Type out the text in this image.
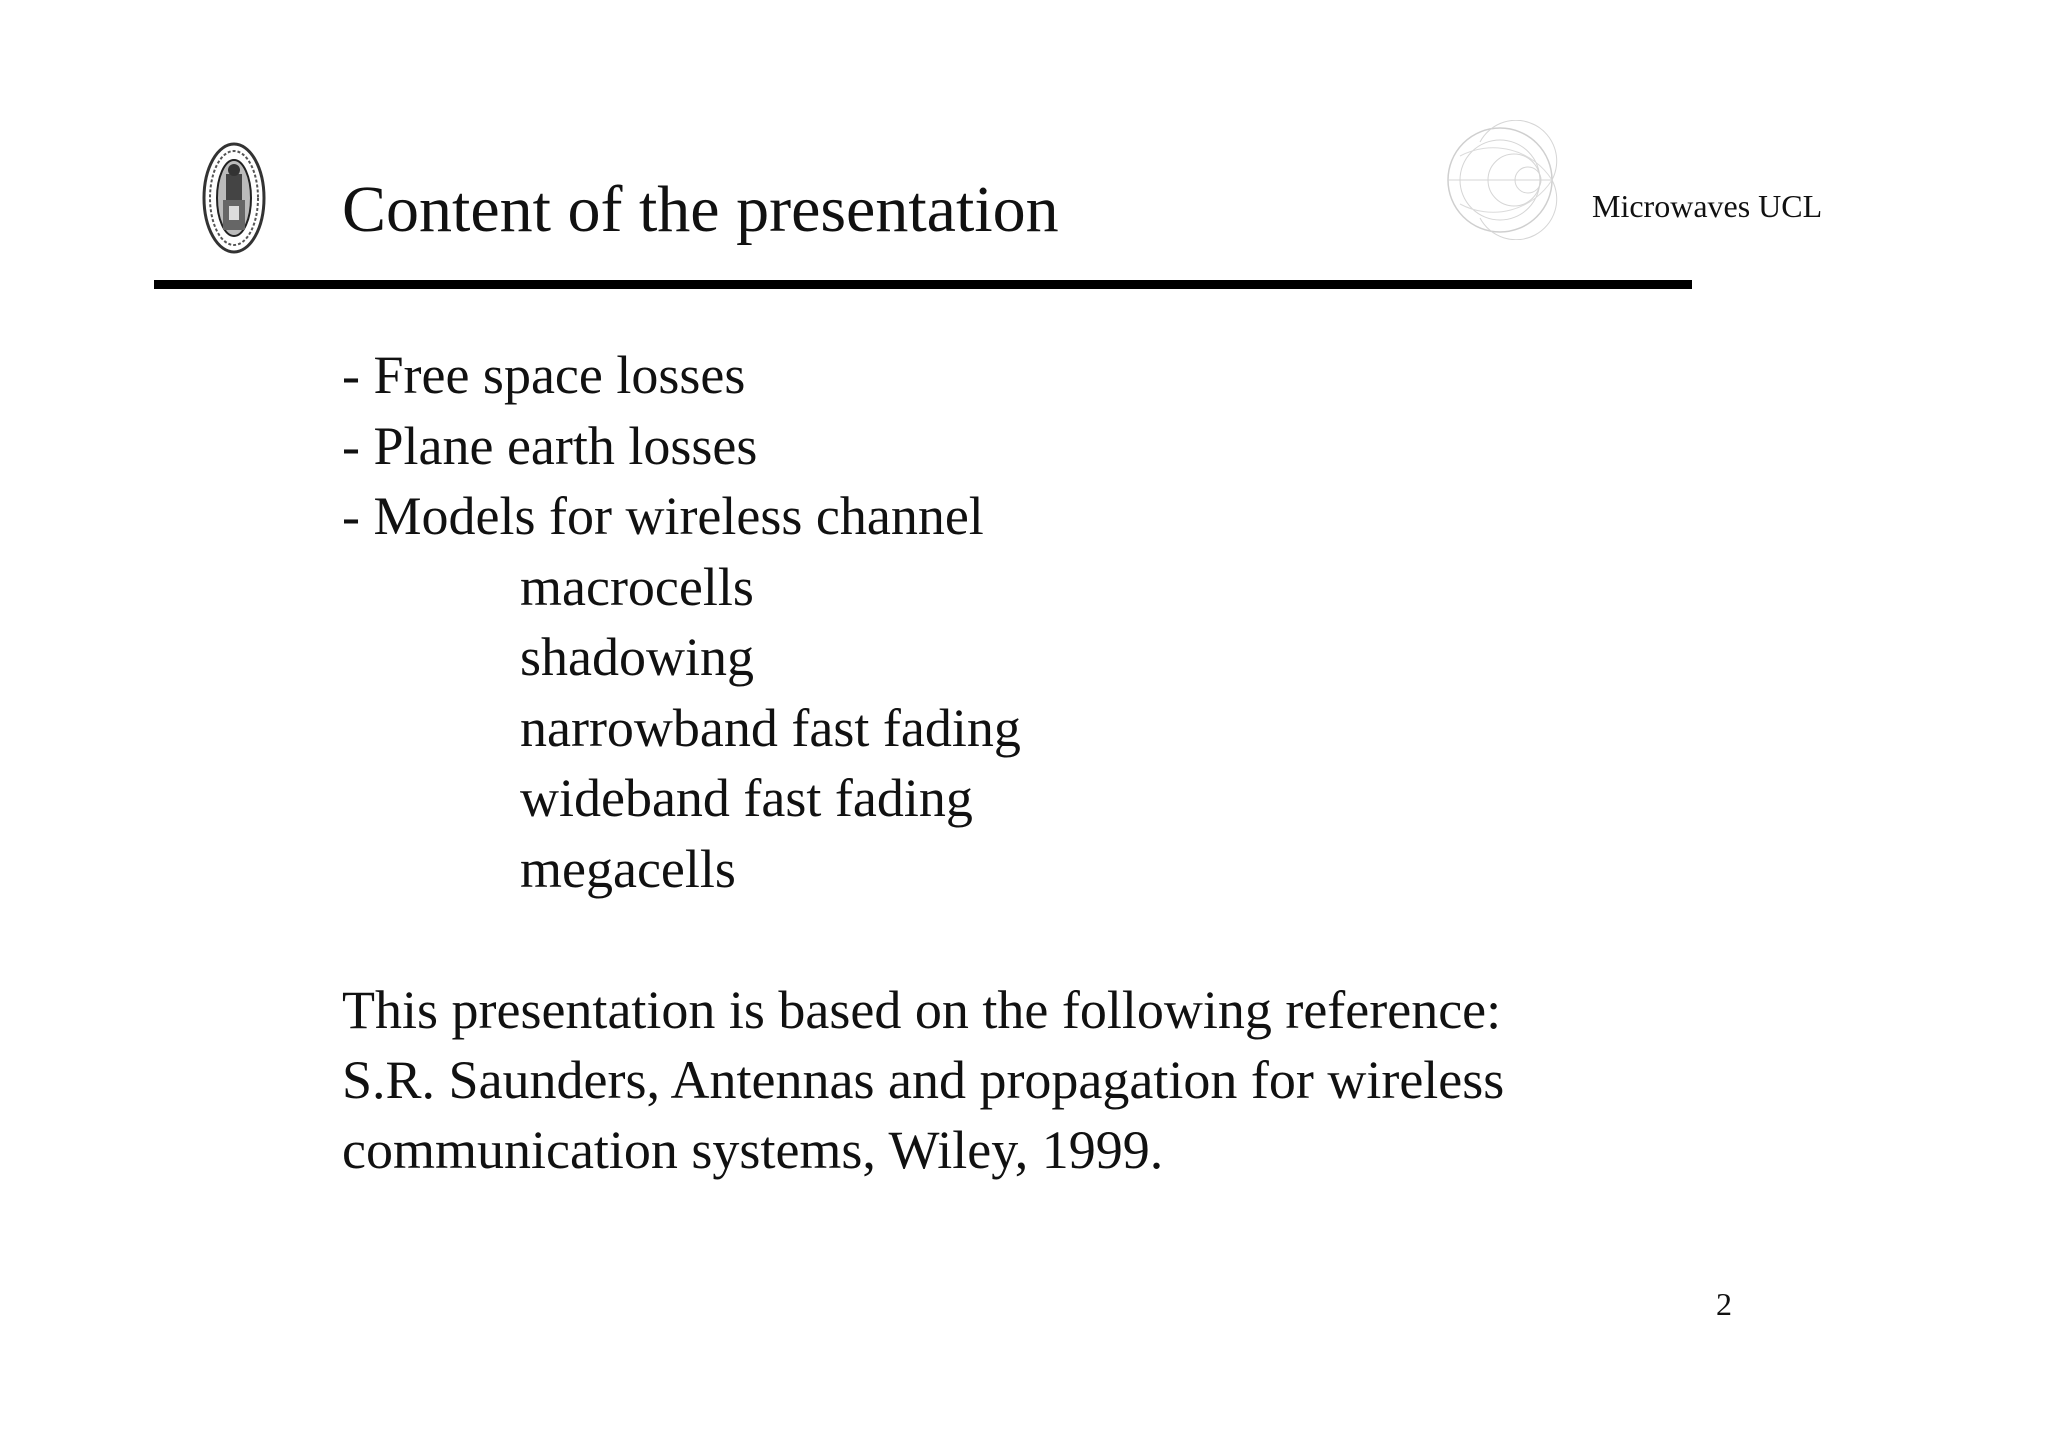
Content of the presentation	Microwaves UCL
- Free space losses
- Plane earth losses
- Models for wireless channel
macrocells
shadowing
narrowband fast fading
wideband fast fading
megacells

This presentation is based on the following reference:
S.R. Saunders, Antennas and propagation for wireless
communication systems, Wiley, 1999.

2
